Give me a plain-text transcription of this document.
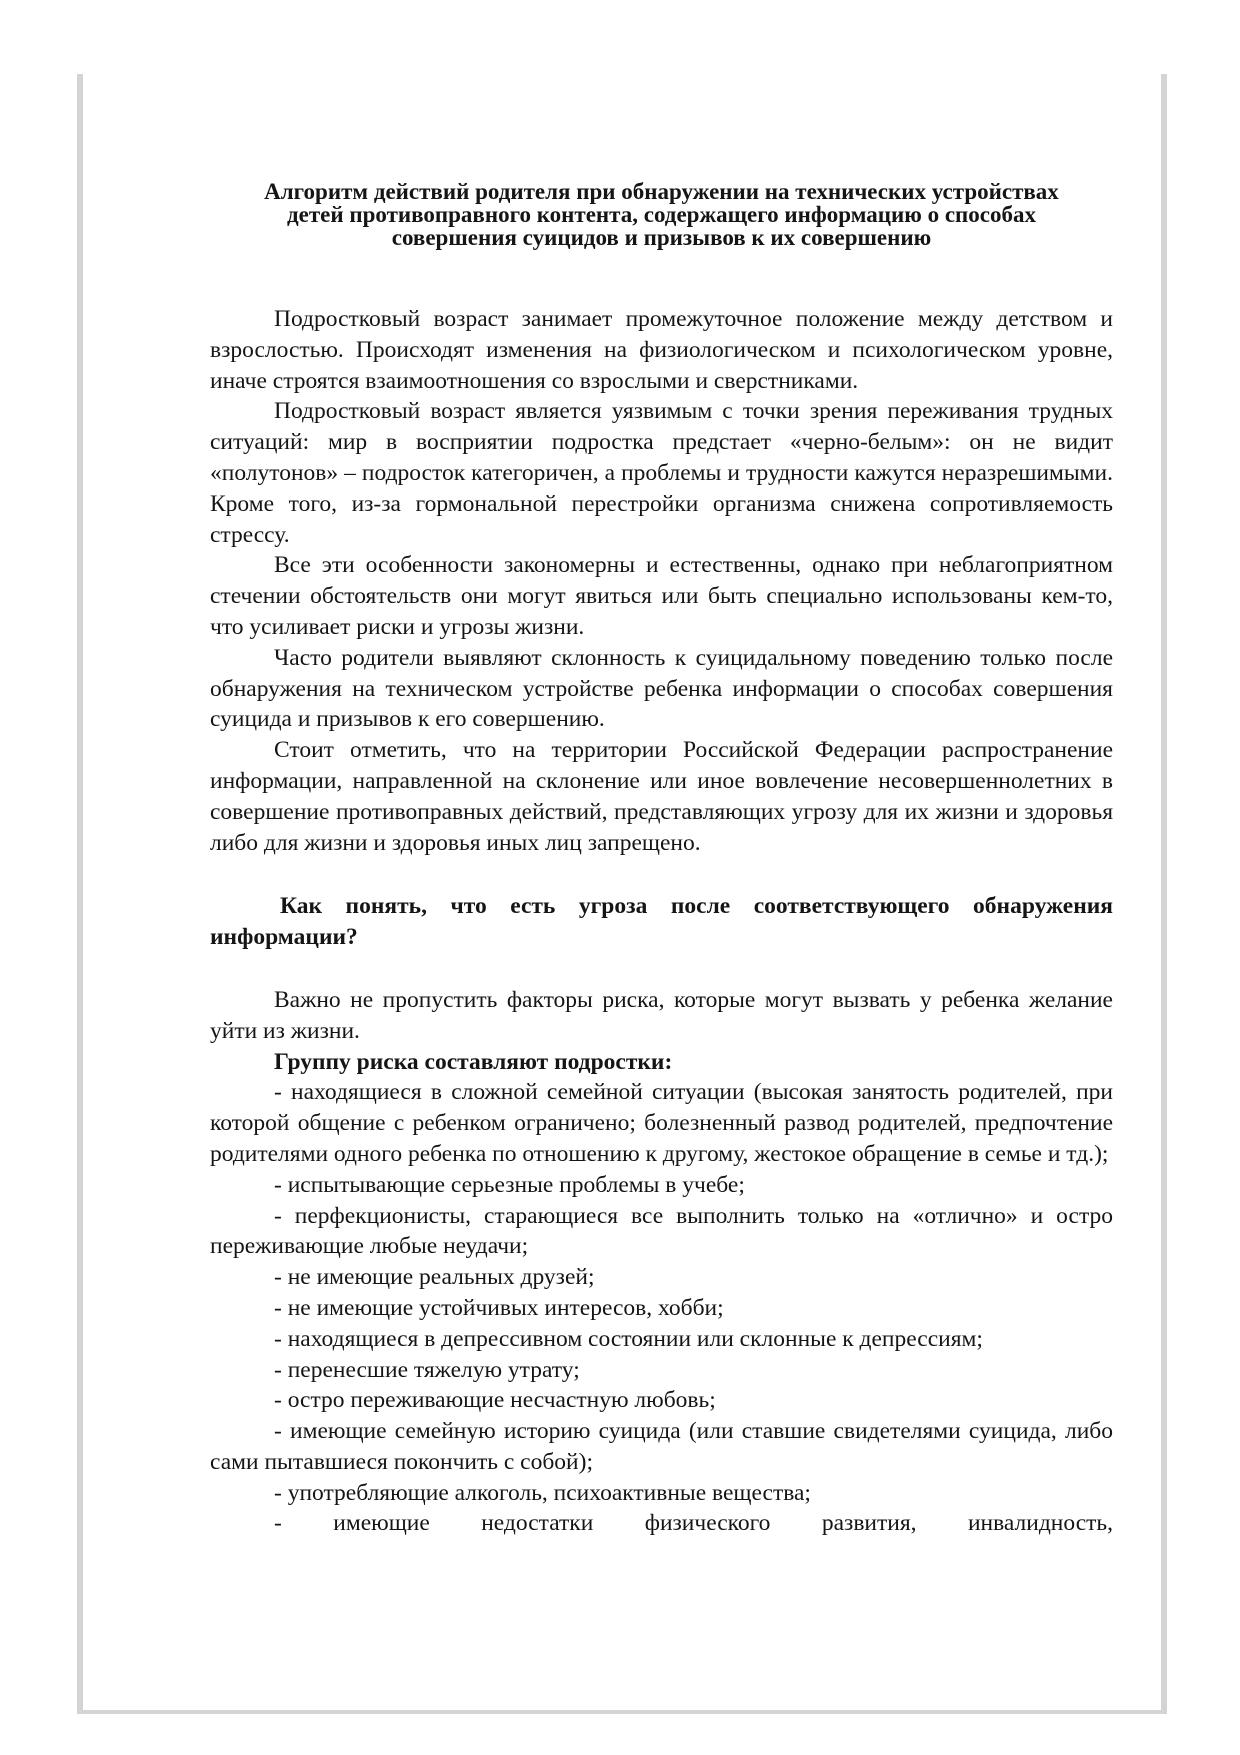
Алгоритм действий родителя при обнаружении на технических устройствах
детей противоправного контента, содержащего информацию о способах
совершения суицидов и призывов к их совершению

Подростковый возраст занимает промежуточное положение между детством и взрослостью. Происходят изменения на физиологическом и психологическом уровне, иначе строятся взаимоотношения со взрослыми и сверстниками.

Подростковый возраст является уязвимым с точки зрения переживания трудных ситуаций: мир в восприятии подростка предстает «черно-белым»: он не видит «полутонов» – подросток категоричен, а проблемы и трудности кажутся неразрешимыми. Кроме того, из-за гормональной перестройки организма снижена сопротивляемость стрессу.

Все эти особенности закономерны и естественны, однако при неблагоприятном стечении обстоятельств они могут явиться или быть специально использованы кем-то, что усиливает риски и угрозы жизни.

Часто родители выявляют склонность к суицидальному поведению только после обнаружения на техническом устройстве ребенка информации о способах совершения суицида и призывов к его совершению.

Стоит отметить, что на территории Российской Федерации распространение информации, направленной на склонение или иное вовлечение несовершеннолетних в совершение противоправных действий, представляющих угрозу для их жизни и здоровья либо для жизни и здоровья иных лиц запрещено.

Как понять, что есть угроза после соответствующего обнаружения информации?

Важно не пропустить факторы риска, которые могут вызвать у ребенка желание уйти из жизни.

Группу риска составляют подростки:

- находящиеся в сложной семейной ситуации (высокая занятость родителей, при которой общение с ребенком ограничено; болезненный развод родителей, предпочтение родителями одного ребенка по отношению к другому, жестокое обращение в семье и тд.);

- испытывающие серьезные проблемы в учебе;

- перфекционисты, старающиеся все выполнить только на «отлично» и остро переживающие любые неудачи;

- не имеющие реальных друзей;

- не имеющие устойчивых интересов, хобби;

- находящиеся в депрессивном состоянии или склонные к депрессиям;

- перенесшие тяжелую утрату;

- остро переживающие несчастную любовь;

- имеющие семейную историю суицида (или ставшие свидетелями суицида, либо сами пытавшиеся покончить с собой);

- употребляющие алкоголь, психоактивные вещества;

- имеющие недостатки физического развития, инвалидность,
